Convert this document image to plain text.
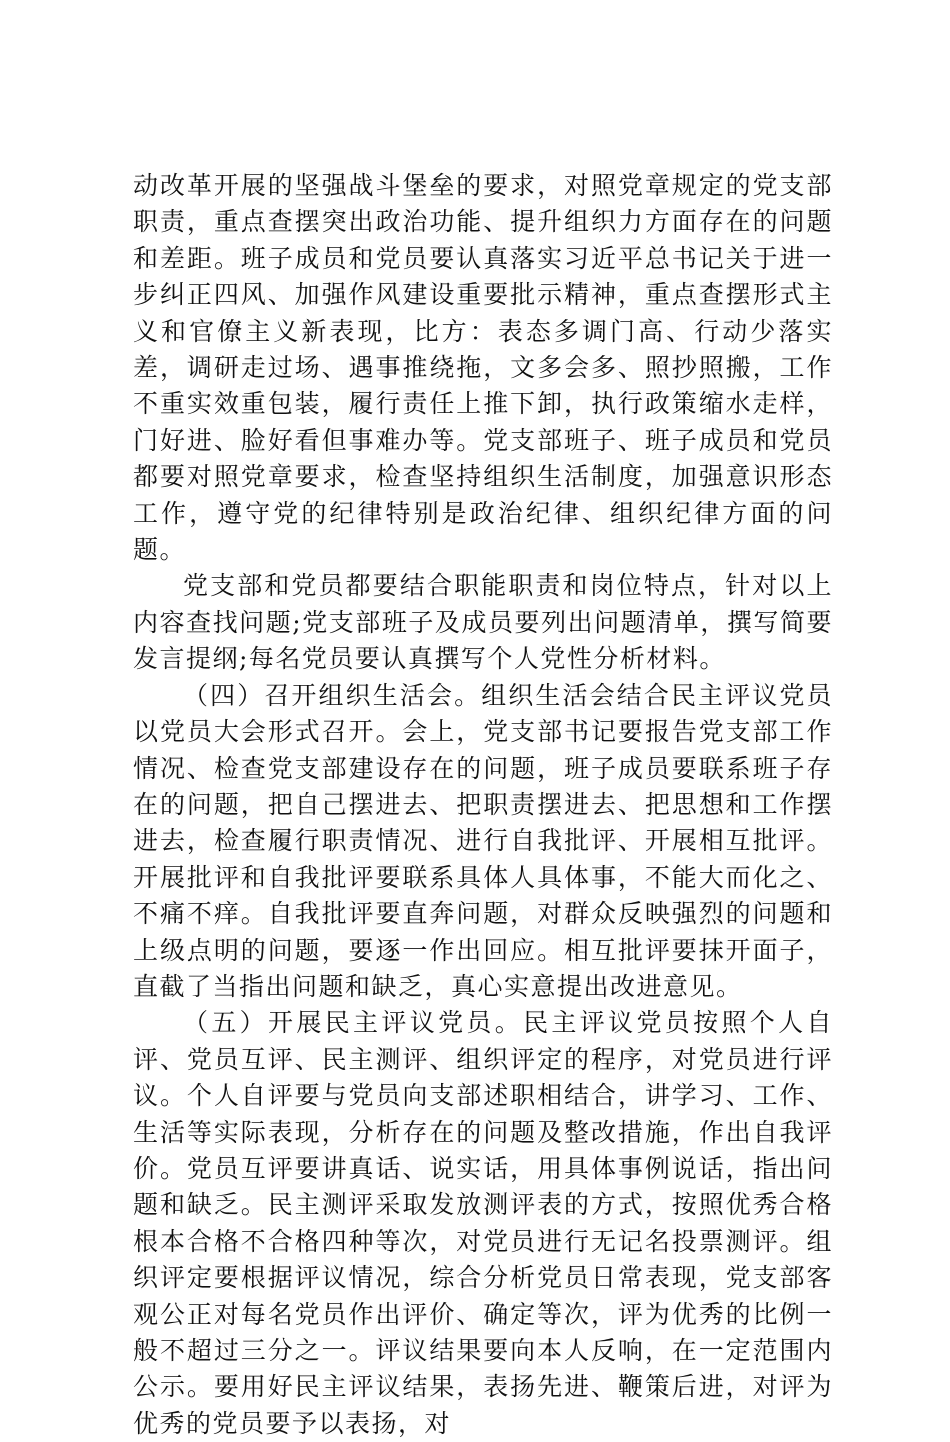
动改革开展的坚强战斗堡垒的要求，对照党章规定的党支部职责，重点查摆突出政治功能、提升组织力方面存在的问题和差距。班子成员和党员要认真落实习近平总书记关于进一步纠正四风、加强作风建设重要批示精神，重点查摆形式主义和官僚主义新表现，比方：表态多调门高、行动少落实差，调研走过场、遇事推绕拖，文多会多、照抄照搬，工作不重实效重包装，履行责任上推下卸，执行政策缩水走样，门好进、脸好看但事难办等。党支部班子、班子成员和党员都要对照党章要求，检查坚持组织生活制度，加强意识形态工作，遵守党的纪律特别是政治纪律、组织纪律方面的问题。

党支部和党员都要结合职能职责和岗位特点，针对以上内容查找问题;党支部班子及成员要列出问题清单，撰写简要发言提纲;每名党员要认真撰写个人党性分析材料。

（四）召开组织生活会。组织生活会结合民主评议党员以党员大会形式召开。会上，党支部书记要报告党支部工作情况、检查党支部建设存在的问题，班子成员要联系班子存在的问题，把自己摆进去、把职责摆进去、把思想和工作摆进去，检查履行职责情况、进行自我批评、开展相互批评。开展批评和自我批评要联系具体人具体事，不能大而化之、不痛不痒。自我批评要直奔问题，对群众反映强烈的问题和上级点明的问题，要逐一作出回应。相互批评要抹开面子，直截了当指出问题和缺乏，真心实意提出改进意见。

（五）开展民主评议党员。民主评议党员按照个人自评、党员互评、民主测评、组织评定的程序，对党员进行评议。个人自评要与党员向支部述职相结合，讲学习、工作、生活等实际表现，分析存在的问题及整改措施，作出自我评价。党员互评要讲真话、说实话，用具体事例说话，指出问题和缺乏。民主测评采取发放测评表的方式，按照优秀合格根本合格不合格四种等次，对党员进行无记名投票测评。组织评定要根据评议情况，综合分析党员日常表现，党支部客观公正对每名党员作出评价、确定等次，评为优秀的比例一般不超过三分之一。评议结果要向本人反响，在一定范围内公示。要用好民主评议结果，表扬先进、鞭策后进，对评为优秀的党员要予以表扬，对
